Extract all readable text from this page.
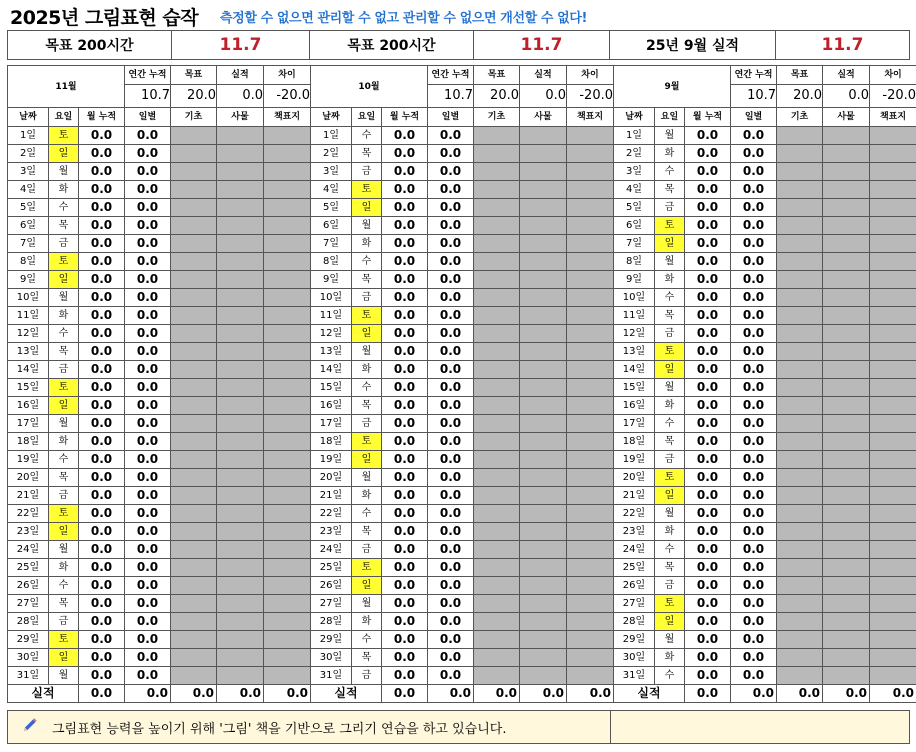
2025년 그림표현 습작 측정할 수 없으면 관리할 수 없고 관리할 수 없으면 개선할 수 없다!
목표 200시간	11.7	목표 200시간	11.7	25년 9월 실적	11.7
11월			연간 누적	목표	실적	차이
			10.7	20.0	0.0	-20.0
날짜	요일	월 누적	일별	기초	사물	책표지
1일	토	0.0	0.0			
2일	일	0.0	0.0			
3일	월	0.0	0.0			
4일	화	0.0	0.0			
5일	수	0.0	0.0			
6일	목	0.0	0.0			
7일	금	0.0	0.0			
8일	토	0.0	0.0			
9일	일	0.0	0.0			
10일	월	0.0	0.0			
11일	화	0.0	0.0			
12일	수	0.0	0.0			
13일	목	0.0	0.0			
14일	금	0.0	0.0			
15일	토	0.0	0.0			
16일	일	0.0	0.0			
17일	월	0.0	0.0			
18일	화	0.0	0.0			
19일	수	0.0	0.0			
20일	목	0.0	0.0			
21일	금	0.0	0.0			
22일	토	0.0	0.0			
23일	일	0.0	0.0			
24일	월	0.0	0.0			
25일	화	0.0	0.0			
26일	수	0.0	0.0			
27일	목	0.0	0.0			
28일	금	0.0	0.0			
29일	토	0.0	0.0			
30일	일	0.0	0.0			
31일	월	0.0	0.0			
실적		0.0	0.0	0.0	0.0	0.0
10월			연간 누적	목표	실적	차이
			10.7	20.0	0.0	-20.0
날짜	요일	월 누적	일별	기초	사물	책표지
1일	수	0.0	0.0			
2일	목	0.0	0.0			
3일	금	0.0	0.0			
4일	토	0.0	0.0			
5일	일	0.0	0.0			
6일	월	0.0	0.0			
7일	화	0.0	0.0			
8일	수	0.0	0.0			
9일	목	0.0	0.0			
10일	금	0.0	0.0			
11일	토	0.0	0.0			
12일	일	0.0	0.0			
13일	월	0.0	0.0			
14일	화	0.0	0.0			
15일	수	0.0	0.0			
16일	목	0.0	0.0			
17일	금	0.0	0.0			
18일	토	0.0	0.0			
19일	일	0.0	0.0			
20일	월	0.0	0.0			
21일	화	0.0	0.0			
22일	수	0.0	0.0			
23일	목	0.0	0.0			
24일	금	0.0	0.0			
25일	토	0.0	0.0			
26일	일	0.0	0.0			
27일	월	0.0	0.0			
28일	화	0.0	0.0			
29일	수	0.0	0.0			
30일	목	0.0	0.0			
31일	금	0.0	0.0			
실적		0.0	0.0	0.0	0.0	0.0
9월			연간 누적	목표	실적	차이
			10.7	20.0	0.0	-20.0
날짜	요일	월 누적	일별	기초	사물	책표지
1일	월	0.0	0.0			
2일	화	0.0	0.0			
3일	수	0.0	0.0			
4일	목	0.0	0.0			
5일	금	0.0	0.0			
6일	토	0.0	0.0			
7일	일	0.0	0.0			
8일	월	0.0	0.0			
9일	화	0.0	0.0			
10일	수	0.0	0.0			
11일	목	0.0	0.0			
12일	금	0.0	0.0			
13일	토	0.0	0.0			
14일	일	0.0	0.0			
15일	월	0.0	0.0			
16일	화	0.0	0.0			
17일	수	0.0	0.0			
18일	목	0.0	0.0			
19일	금	0.0	0.0			
20일	토	0.0	0.0			
21일	일	0.0	0.0			
22일	월	0.0	0.0			
23일	화	0.0	0.0			
24일	수	0.0	0.0			
25일	목	0.0	0.0			
26일	금	0.0	0.0			
27일	토	0.0	0.0			
28일	일	0.0	0.0			
29일	월	0.0	0.0			
30일	화	0.0	0.0			
31일	수	0.0	0.0			
실적		0.0	0.0	0.0	0.0	0.0
그림표현 능력을 높이기 위해 '그림' 책을 기반으로 그리기 연습을 하고 있습니다.	
